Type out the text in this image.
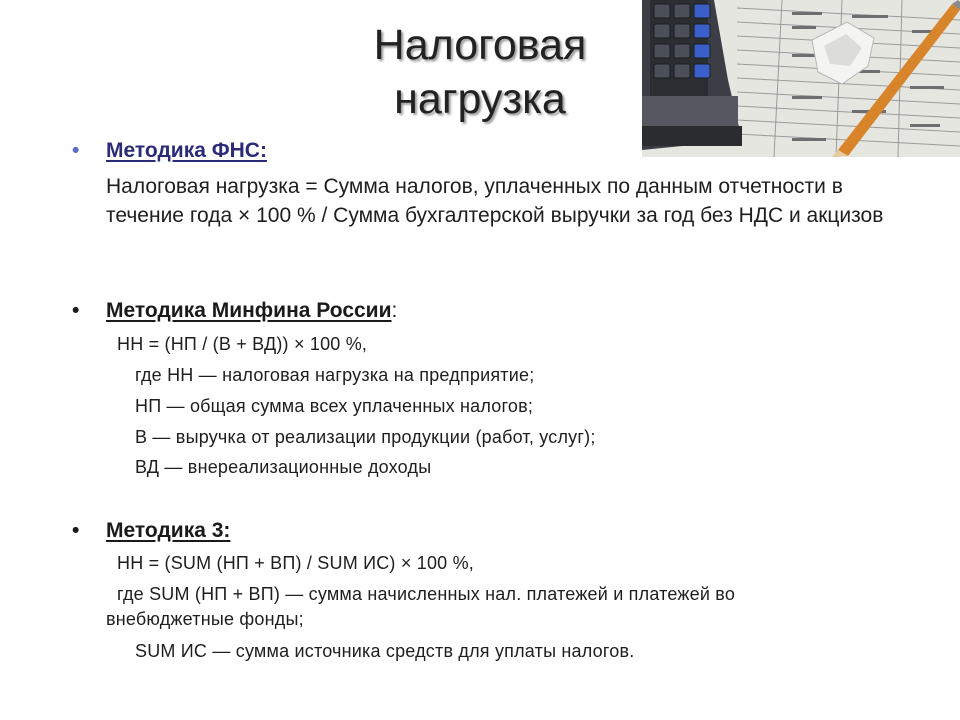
Налоговая
нагрузка
• Методика ФНС:

Налоговая нагрузка = Сумма налогов, уплаченных по данным отчетности в течение года × 100 % / Сумма бухгалтерской выручки за год без НДС и акцизов

• Методика Минфина России:
НН = (НП / (В + ВД)) × 100 %,
где НН — налоговая нагрузка на предприятие;
НП — общая сумма всех уплаченных налогов;
В — выручка от реализации продукции (работ, услуг);
ВД — внереализационные доходы
• Методика 3:
НН = (SUM (НП + ВП) / SUM ИС) × 100 %,
где SUM (НП + ВП) — сумма начисленных нал. платежей и платежей во внебюджетные фонды;
SUM ИС — сумма источника средств для уплаты налогов.
